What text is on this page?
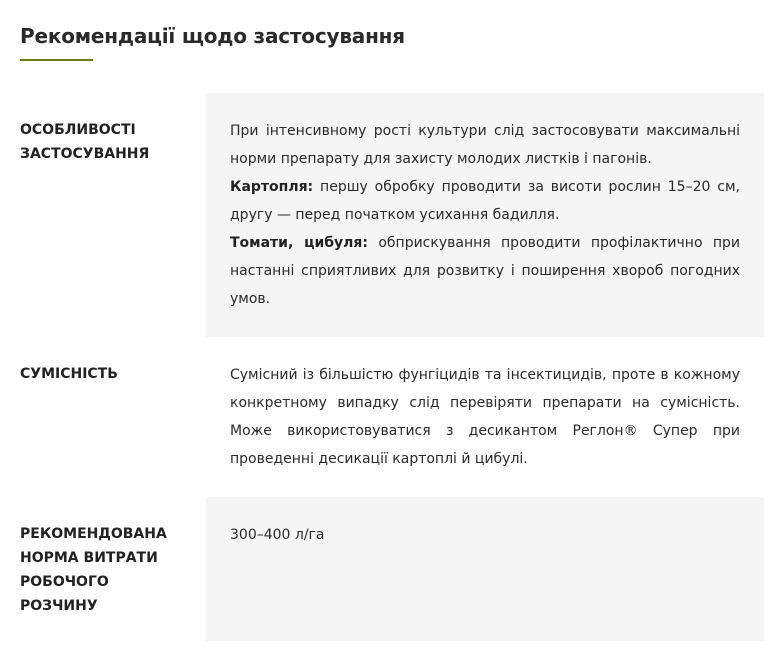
Рекомендації щодо застосування
ОСОБЛИВОСТІ ЗАСТОСУВАННЯ

При інтенсивному рості культури слід застосовувати максимальні норми препарату для захисту молодих листків і пагонів.

Картопля: першу обробку проводити за висоти рослин 15–20 см, другу — перед початком усихання бадилля.

Томати, цибуля: обприскування проводити профілактично при настанні сприятливих для розвитку і поширення хвороб погодних умов.

СУМІСНІСТЬ	Сумісний із більшістю фунгіцидів та інсектицидів, проте в кожному конкретному випадку слід перевіряти препарати на сумісність. Може використовуватися з десикантом Реглон® Супер при проведенні десикації картоплі й цибулі.

РЕКОМЕНДОВАНА НОРМА ВИТРАТИ РОБОЧОГО РОЗЧИНУ

300–400 л/га
